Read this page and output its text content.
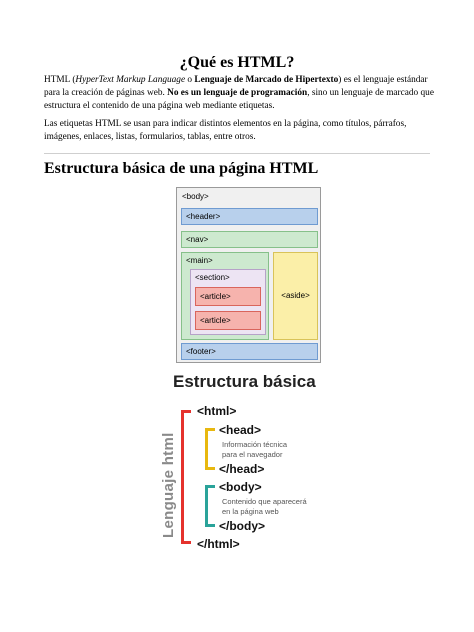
¿Qué es HTML?
HTML (HyperText Markup Language o Lenguaje de Marcado de Hipertexto) es el lenguaje estándar para la creación de páginas web. No es un lenguaje de programación, sino un lenguaje de marcado que estructura el contenido de una página web mediante etiquetas.
Las etiquetas HTML se usan para indicar distintos elementos en la página, como títulos, párrafos, imágenes, enlaces, listas, formularios, tablas, entre otros.
Estructura básica de una página HTML
<body>
<header>
<nav>
<main>
<section>
<article>
<article>
<aside>
<footer>
Estructura básica
Lenguaje html
<html>
<head>
Información técnica
para el navegador
</head>
<body>
Contenido que aparecerá
en la página web
</body>
</html>
